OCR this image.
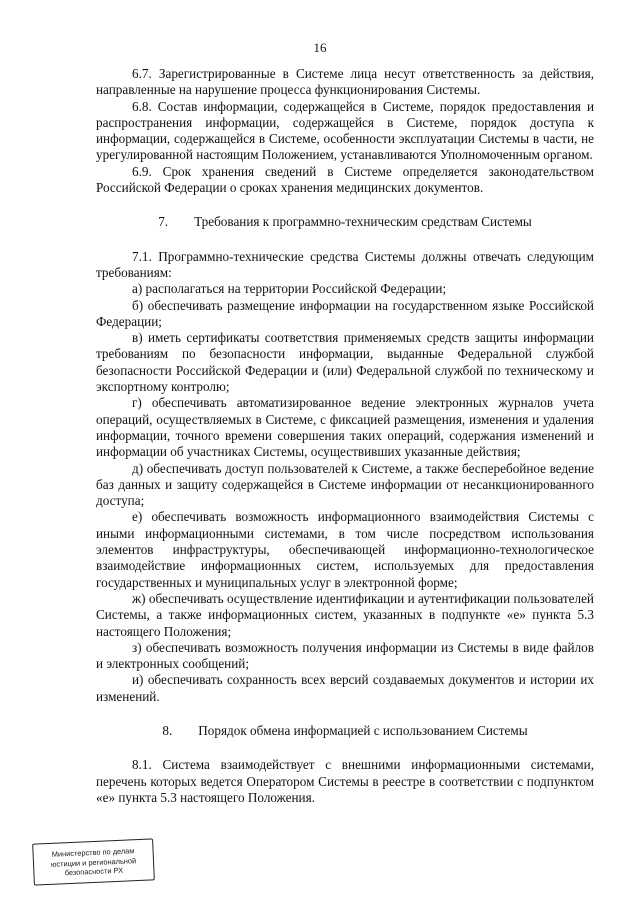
16

6.7. Зарегистрированные в Системе лица несут ответственность за действия, направленные на нарушение процесса функционирования Системы.

6.8. Состав информации, содержащейся в Системе, порядок предоставления и распространения информации, содержащейся в Системе, порядок доступа к информации, содержащейся в Системе, особенности эксплуатации Системы в части, не урегулированной настоящим Положением, устанавливаются Уполномоченным органом.

6.9. Срок хранения сведений в Системе определяется законодательством Российской Федерации о сроках хранения медицинских документов.

7. Требования к программно-техническим средствам Системы

7.1. Программно-технические средства Системы должны отвечать следующим требованиям:

а) располагаться на территории Российской Федерации;

б) обеспечивать размещение информации на государственном языке Российской Федерации;

в) иметь сертификаты соответствия применяемых средств защиты информации требованиям по безопасности информации, выданные Федеральной службой безопасности Российской Федерации и (или) Федеральной службой по техническому и экспортному контролю;

г) обеспечивать автоматизированное ведение электронных журналов учета операций, осуществляемых в Системе, с фиксацией размещения, изменения и удаления информации, точного времени совершения таких операций, содержания изменений и информации об участниках Системы, осуществивших указанные действия;

д) обеспечивать доступ пользователей к Системе, а также бесперебойное ведение баз данных и защиту содержащейся в Системе информации от несанкционированного доступа;

е) обеспечивать возможность информационного взаимодействия Системы с иными информационными системами, в том числе посредством использования элементов инфраструктуры, обеспечивающей информационно-технологическое взаимодействие информационных систем, используемых для предоставления государственных и муниципальных услуг в электронной форме;

ж) обеспечивать осуществление идентификации и аутентификации пользователей Системы, а также информационных систем, указанных в подпункте «е» пункта 5.3 настоящего Положения;

з) обеспечивать возможность получения информации из Системы в виде файлов и электронных сообщений;

и) обеспечивать сохранность всех версий создаваемых документов и истории их изменений.

8. Порядок обмена информацией с использованием Системы

8.1. Система взаимодействует с внешними информационными системами, перечень которых ведется Оператором Системы в реестре в соответствии с подпунктом «е» пункта 5.3 настоящего Положения.

Министерство по делам
юстиции и региональной
безопасности РХ
